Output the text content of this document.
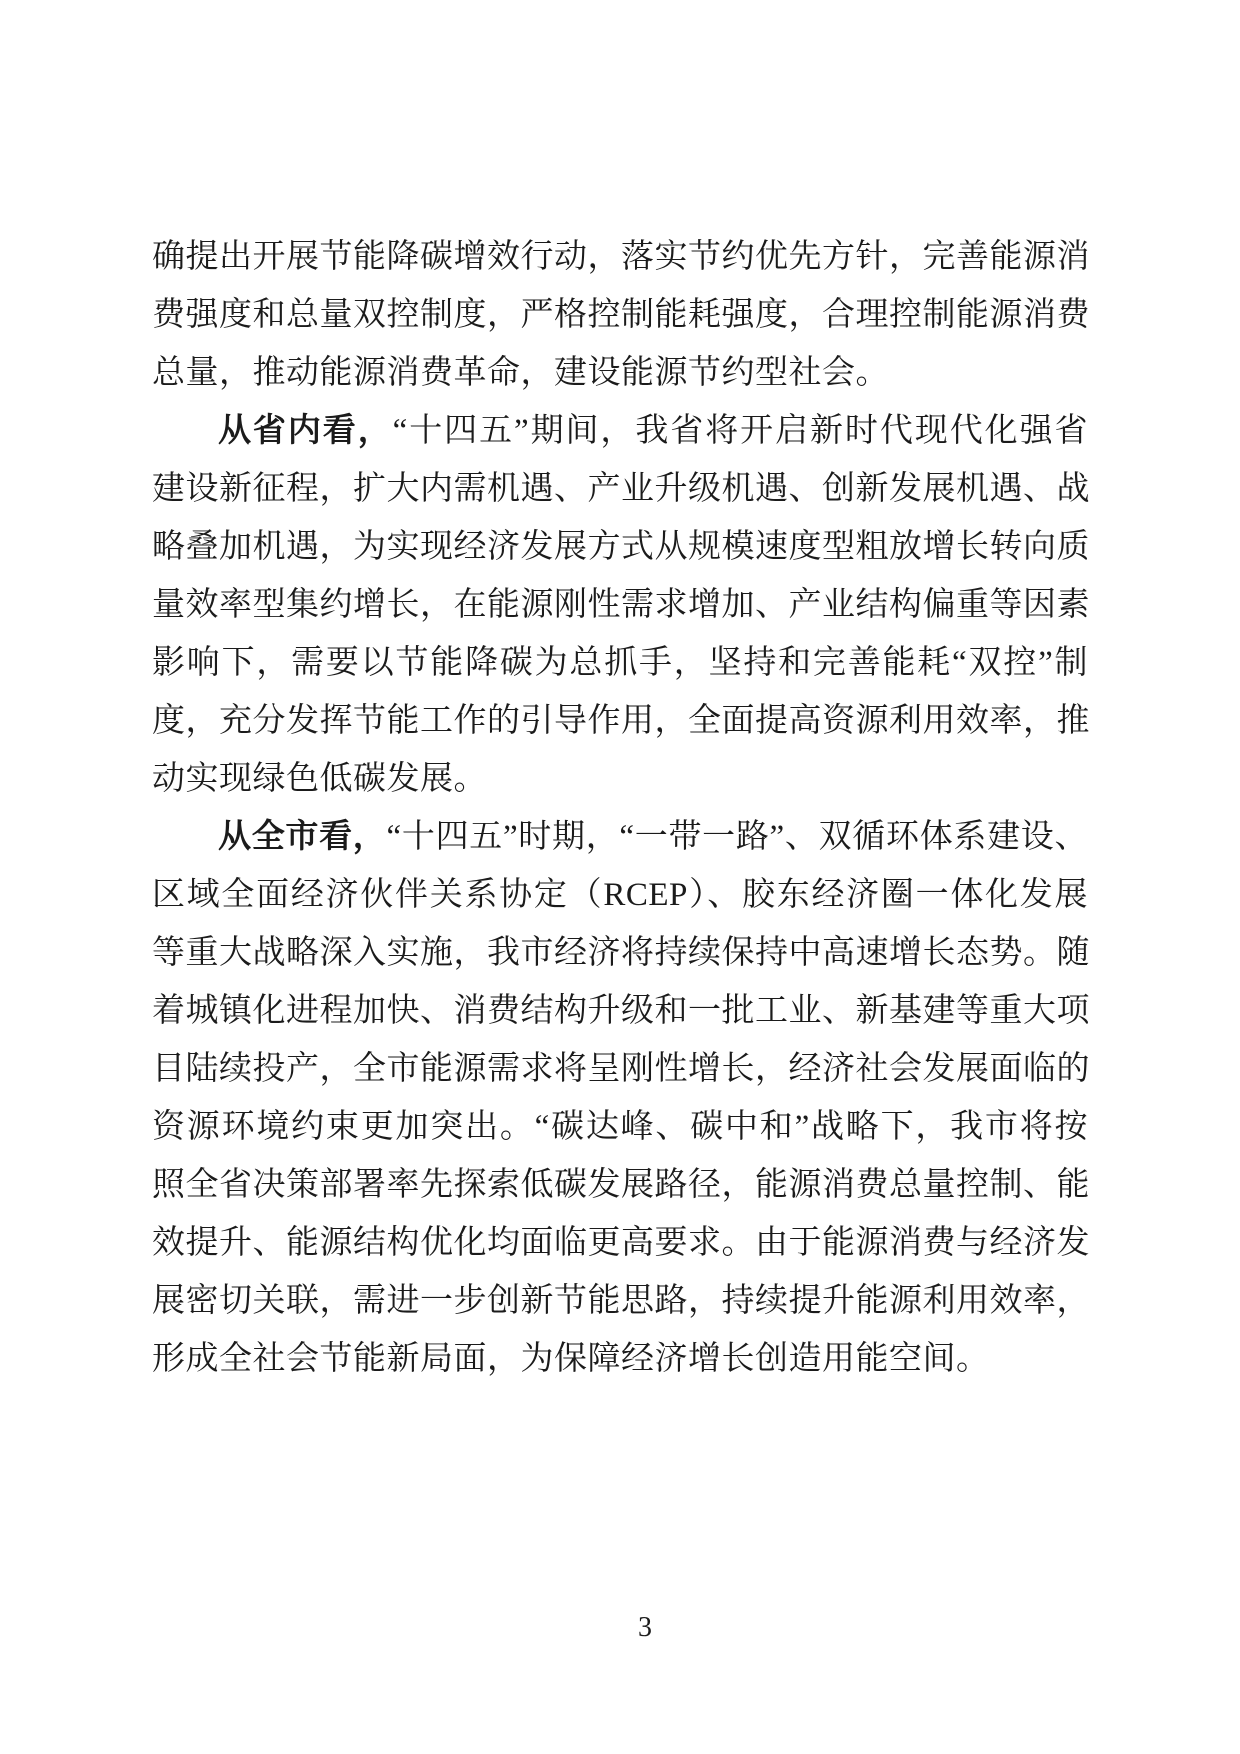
确提出开展节能降碳增效行动，落实节约优先方针，完善能源消
费强度和总量双控制度，严格控制能耗强度，合理控制能源消费
总量，推动能源消费革命，建设能源节约型社会。
从省内看，“十四五”期间，我省将开启新时代现代化强省
建设新征程，扩大内需机遇、产业升级机遇、创新发展机遇、战
略叠加机遇，为实现经济发展方式从规模速度型粗放增长转向质
量效率型集约增长，在能源刚性需求增加、产业结构偏重等因素
影响下，需要以节能降碳为总抓手，坚持和完善能耗“双控”制
度，充分发挥节能工作的引导作用，全面提高资源利用效率，推
动实现绿色低碳发展。
从全市看，“十四五”时期，“一带一路”、双循环体系建设、
区域全面经济伙伴关系协定（RCEP）、胶东经济圈一体化发展
等重大战略深入实施，我市经济将持续保持中高速增长态势。随
着城镇化进程加快、消费结构升级和一批工业、新基建等重大项
目陆续投产，全市能源需求将呈刚性增长，经济社会发展面临的
资源环境约束更加突出。“碳达峰、碳中和”战略下，我市将按
照全省决策部署率先探索低碳发展路径，能源消费总量控制、能
效提升、能源结构优化均面临更高要求。由于能源消费与经济发
展密切关联，需进一步创新节能思路，持续提升能源利用效率，
形成全社会节能新局面，为保障经济增长创造用能空间。
3
